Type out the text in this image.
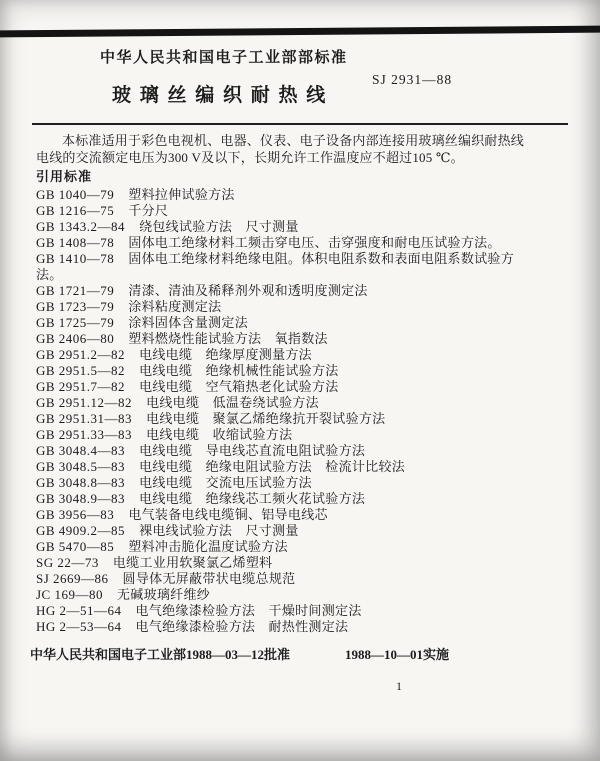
中华人民共和国电子工业部部标准
SJ 2931—88
玻 璃 丝 编 织 耐 热 线

本标准适用于彩色电视机、电器、仪表、电子设备内部连接用玻璃丝编织耐热线电线的交流额定电压为300 V及以下，长期允许工作温度应不超过105 ℃。

引用标准
GB 1040—79 塑料拉伸试验方法
GB 1216—75 千分尺
GB 1343.2—84 绕包线试验方法　尺寸测量
GB 1408—78 固体电工绝缘材料工频击穿电压、击穿强度和耐电压试验方法。
GB 1410—78 固体电工绝缘材料绝缘电阻。体积电阻系数和表面电阻系数试验方法。
GB 1721—79 清漆、清油及稀释剂外观和透明度测定法
GB 1723—79 涂料粘度测定法
GB 1725—79 涂料固体含量测定法
GB 2406—80 塑料燃烧性能试验方法　氧指数法
GB 2951.2—82 电线电缆　绝缘厚度测量方法
GB 2951.5—82 电线电缆　绝缘机械性能试验方法
GB 2951.7—82 电线电缆　空气箱热老化试验方法
GB 2951.12—82 电线电缆　低温卷绕试验方法
GB 2951.31—83 电线电缆　聚氯乙烯绝缘抗开裂试验方法
GB 2951.33—83 电线电缆　收缩试验方法
GB 3048.4—83 电线电缆　导电线芯直流电阻试验方法
GB 3048.5—83 电线电缆　绝缘电阻试验方法　检流计比较法
GB 3048.8—83 电线电缆　交流电压试验方法
GB 3048.9—83 电线电缆　绝缘线芯工频火花试验方法
GB 3956—83 电气装备电线电缆铜、铝导电线芯
GB 4909.2—85 裸电线试验方法　尺寸测量
GB 5470—85 塑料冲击脆化温度试验方法
SG 22—73 电缆工业用软聚氯乙烯塑料
SJ 2669—86 圆导体无屏蔽带状电缆总规范
JC 169—80 无碱玻璃纤维纱
HG 2—51—64 电气绝缘漆检验方法　干燥时间测定法
HG 2—53—64 电气绝缘漆检验方法　耐热性测定法
中华人民共和国电子工业部1988—03—12批准	1988—10—01实施
1
